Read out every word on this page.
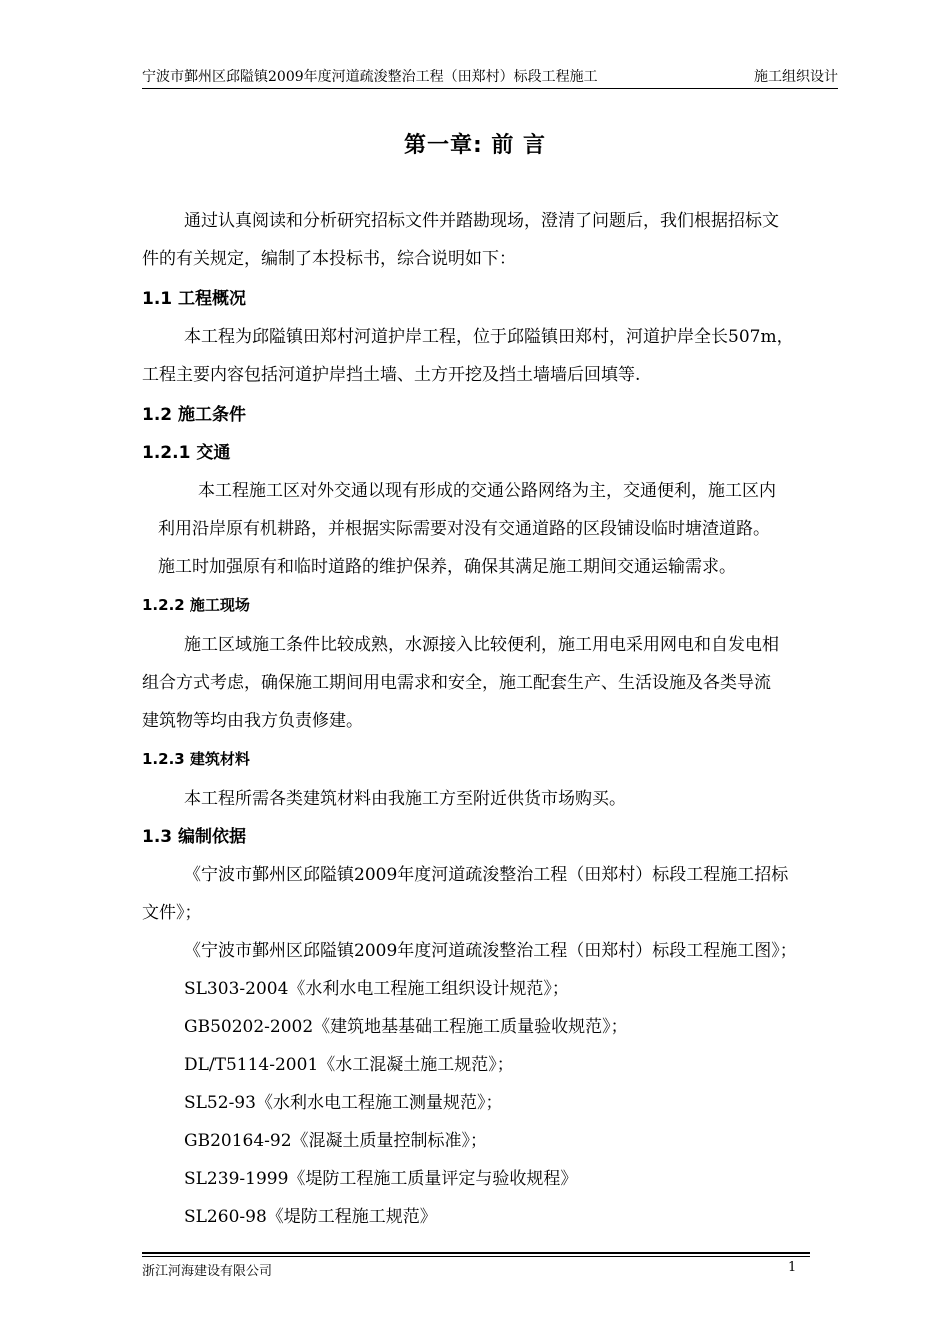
宁波市鄞州区邱隘镇2009年度河道疏浚整治工程（田郑村）标段工程施工	施工组织设计
第一章: 前 言
通过认真阅读和分析研究招标文件并踏勘现场，澄清了问题后，我们根据招标文
件的有关规定，编制了本投标书，综合说明如下：
1.1 工程概况
本工程为邱隘镇田郑村河道护岸工程，位于邱隘镇田郑村，河道护岸全长507m，
工程主要内容包括河道护岸挡土墙、土方开挖及挡土墙墙后回填等.
1.2 施工条件
1.2.1 交通
本工程施工区对外交通以现有形成的交通公路网络为主，交通便利，施工区内
利用沿岸原有机耕路，并根据实际需要对没有交通道路的区段铺设临时塘渣道路。
施工时加强原有和临时道路的维护保养，确保其满足施工期间交通运输需求。
1.2.2 施工现场
施工区域施工条件比较成熟，水源接入比较便利，施工用电采用网电和自发电相
组合方式考虑，确保施工期间用电需求和安全，施工配套生产、生活设施及各类导流
建筑物等均由我方负责修建。
1.2.3 建筑材料
本工程所需各类建筑材料由我施工方至附近供货市场购买。
1.3 编制依据
《宁波市鄞州区邱隘镇2009年度河道疏浚整治工程（田郑村）标段工程施工招标
文件》；
《宁波市鄞州区邱隘镇2009年度河道疏浚整治工程（田郑村）标段工程施工图》；
SL303-2004《水利水电工程施工组织设计规范》；
GB50202-2002《建筑地基基础工程施工质量验收规范》；
DL/T5114-2001《水工混凝土施工规范》；
SL52-93《水利水电工程施工测量规范》；
GB20164-92《混凝土质量控制标准》；
SL239-1999《堤防工程施工质量评定与验收规程》
SL260-98《堤防工程施工规范》
浙江河海建设有限公司	1
